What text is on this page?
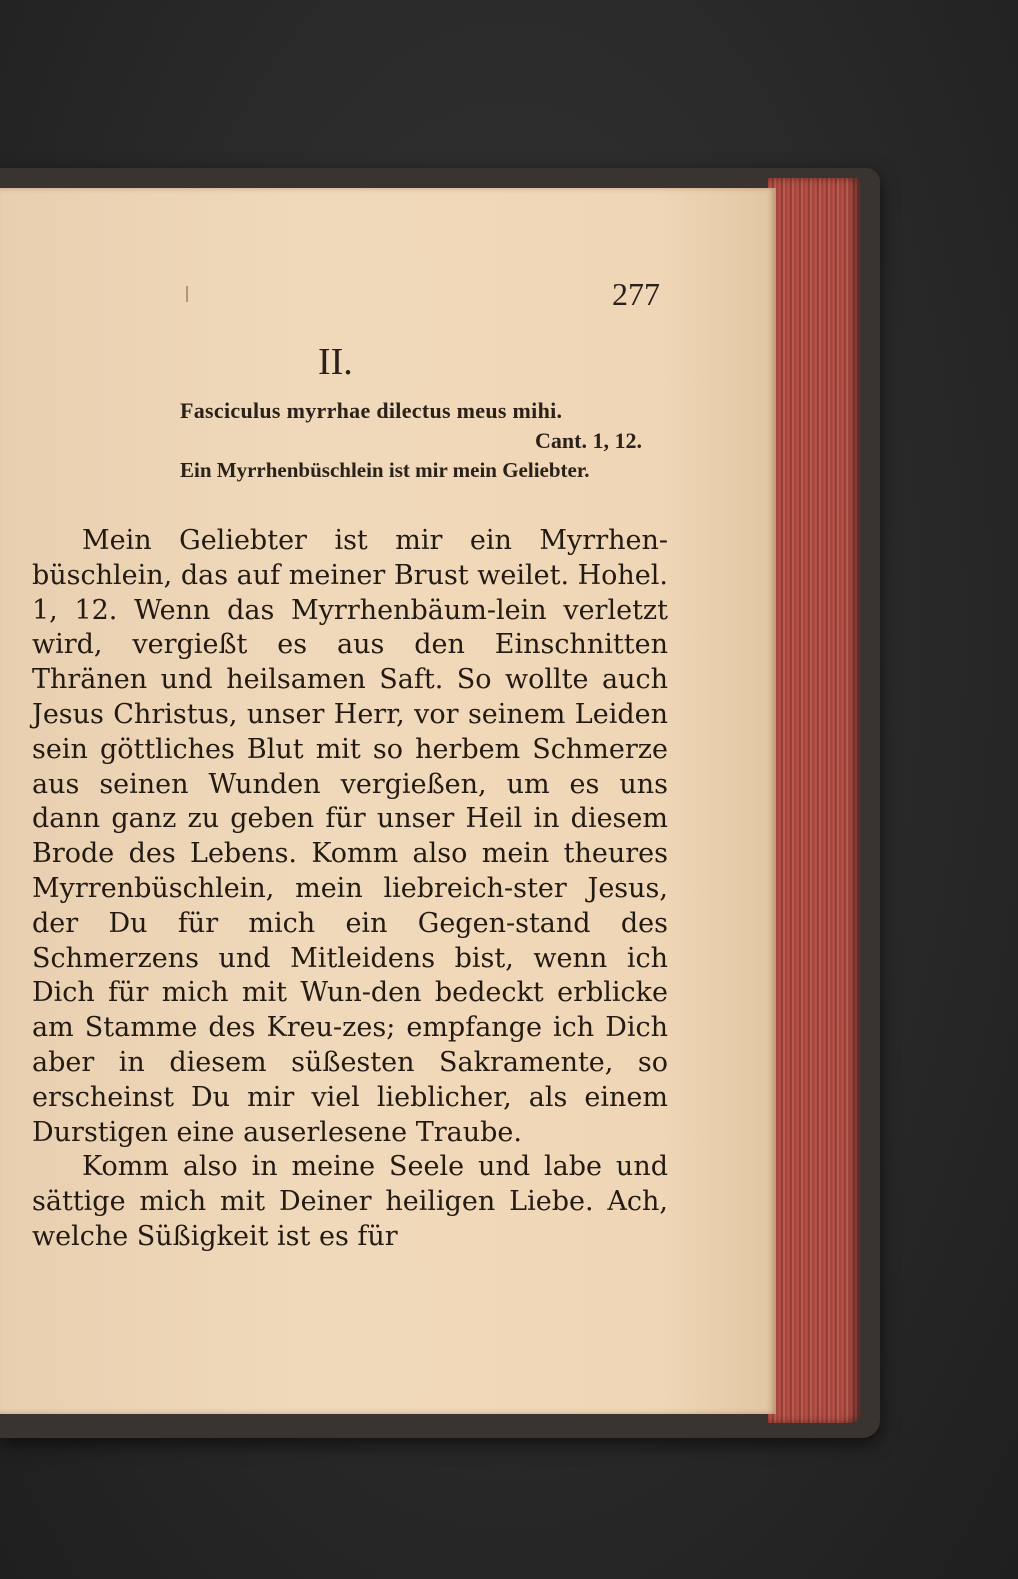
277
II.
Fasciculus myrrhae dilectus meus mihi.
Cant. 1, 12.
Ein Myrrhenbüschlein ist mir mein Geliebter.

Mein Geliebter ist mir ein Myrrhen-büschlein, das auf meiner Brust weilet. Hohel. 1, 12. Wenn das Myrrhenbäum-lein verletzt wird, vergießt es aus den Einschnitten Thränen und heilsamen Saft. So wollte auch Jesus Christus, unser Herr, vor seinem Leiden sein göttliches Blut mit so herbem Schmerze aus seinen Wunden vergießen, um es uns dann ganz zu geben für unser Heil in diesem Brode des Lebens. Komm also mein theures Myrrenbüschlein, mein liebreich-ster Jesus, der Du für mich ein Gegen-stand des Schmerzens und Mitleidens bist, wenn ich Dich für mich mit Wun-den bedeckt erblicke am Stamme des Kreu-zes; empfange ich Dich aber in diesem süßesten Sakramente, so erscheinst Du mir viel lieblicher, als einem Durstigen eine auserlesene Traube.

Komm also in meine Seele und labe und sättige mich mit Deiner heiligen Liebe. Ach, welche Süßigkeit ist es für
